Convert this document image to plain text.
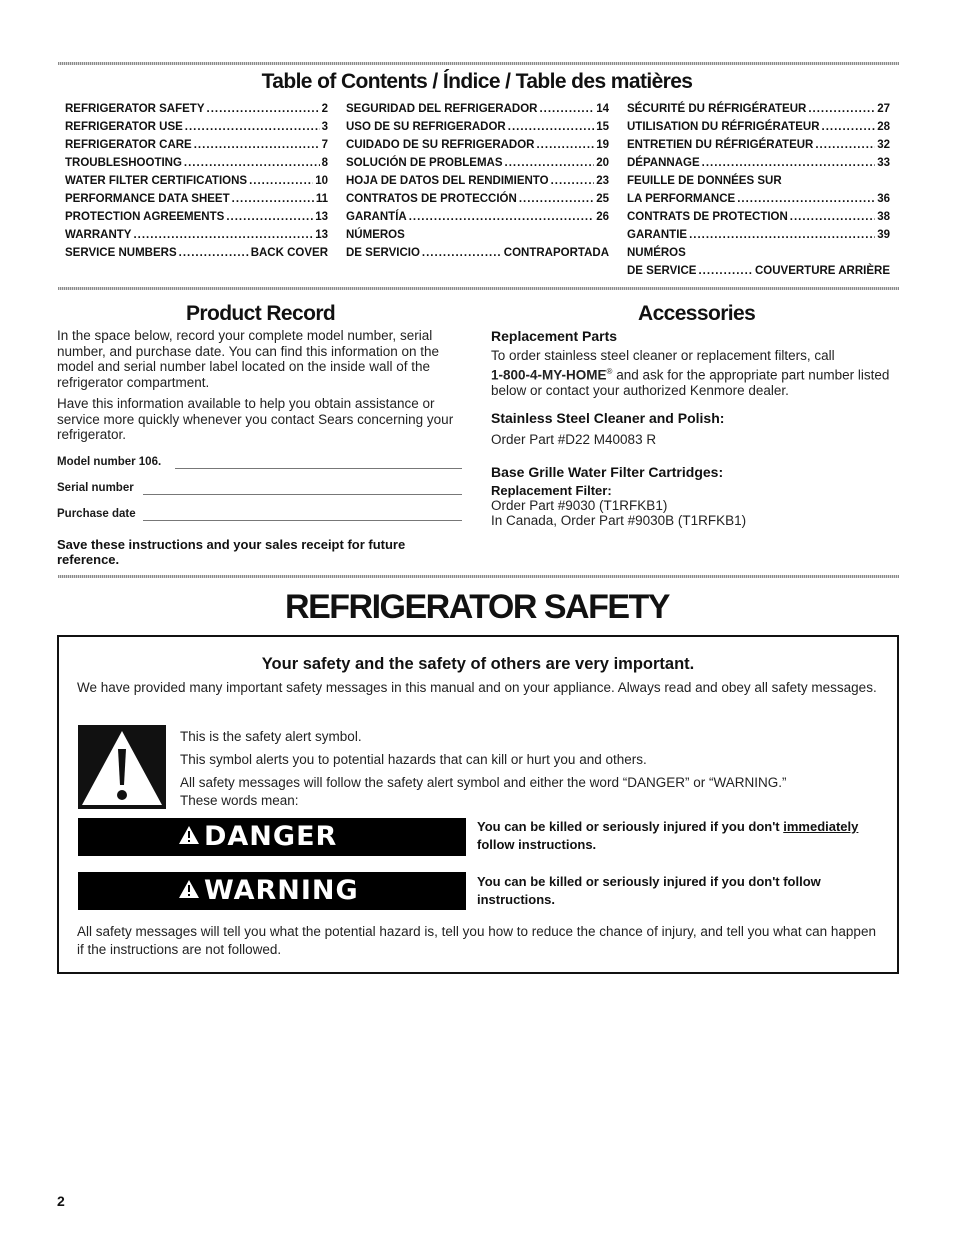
Table of Contents / Índice / Table des matières
REFRIGERATOR SAFETY .....	2
REFRIGERATOR USE .....	3
REFRIGERATOR CARE .....	7
TROUBLESHOOTING .....	8
WATER FILTER CERTIFICATIONS .....	10
PERFORMANCE DATA SHEET .....	11
PROTECTION AGREEMENTS .....	13
WARRANTY .....	13
SERVICE NUMBERS .....	BACK COVER
SEGURIDAD DEL REFRIGERADOR .....	14
USO DE SU REFRIGERADOR .....	15
CUIDADO DE SU REFRIGERADOR .....	19
SOLUCIÓN DE PROBLEMAS .....	20
HOJA DE DATOS DEL RENDIMIENTO .....	23
CONTRATOS DE PROTECCIÓN .....	25
GARANTÍA .....	26
NÚMEROS
DE SERVICIO .....	CONTRAPORTADA
SÉCURITÉ DU RÉFRIGÉRATEUR .....	27
UTILISATION DU RÉFRIGÉRATEUR .....	28
ENTRETIEN DU RÉFRIGÉRATEUR .....	32
DÉPANNAGE .....	33
FEUILLE DE DONNÉES SUR
LA PERFORMANCE .....	36
CONTRATS DE PROTECTION .....	38
GARANTIE .....	39
NUMÉROS
DE SERVICE .....	COUVERTURE ARRIÈRE
Product Record

In the space below, record your complete model number, serial number, and purchase date. You can find this information on the model and serial number label located on the inside wall of the refrigerator compartment.

Have this information available to help you obtain assistance or service more quickly whenever you contact Sears concerning your refrigerator.

Model number 106.
Serial number
Purchase date
Save these instructions and your sales receipt for future reference.
Accessories
Replacement Parts

To order stainless steel cleaner or replacement filters, call
1-800-4-MY-HOME® and ask for the appropriate part number listed below or contact your authorized Kenmore dealer.

Stainless Steel Cleaner and Polish:

Order Part #D22 M40083 R

Base Grille Water Filter Cartridges:
Replacement Filter:

Order Part #9030 (T1RFKB1)

In Canada, Order Part #9030B (T1RFKB1)

REFRIGERATOR SAFETY
Your safety and the safety of others are very important.

We have provided many important safety messages in this manual and on your appliance. Always read and obey all safety messages.

This is the safety alert symbol.
This symbol alerts you to potential hazards that can kill or hurt you and others.
All safety messages will follow the safety alert symbol and either the word “DANGER” or “WARNING.”
These words mean:
DANGER	You can be killed or seriously injured if you don't immediately follow instructions.
WARNING	You can be killed or seriously injured if you don't follow instructions.

All safety messages will tell you what the potential hazard is, tell you how to reduce the chance of injury, and tell you what can happen if the instructions are not followed.

2
